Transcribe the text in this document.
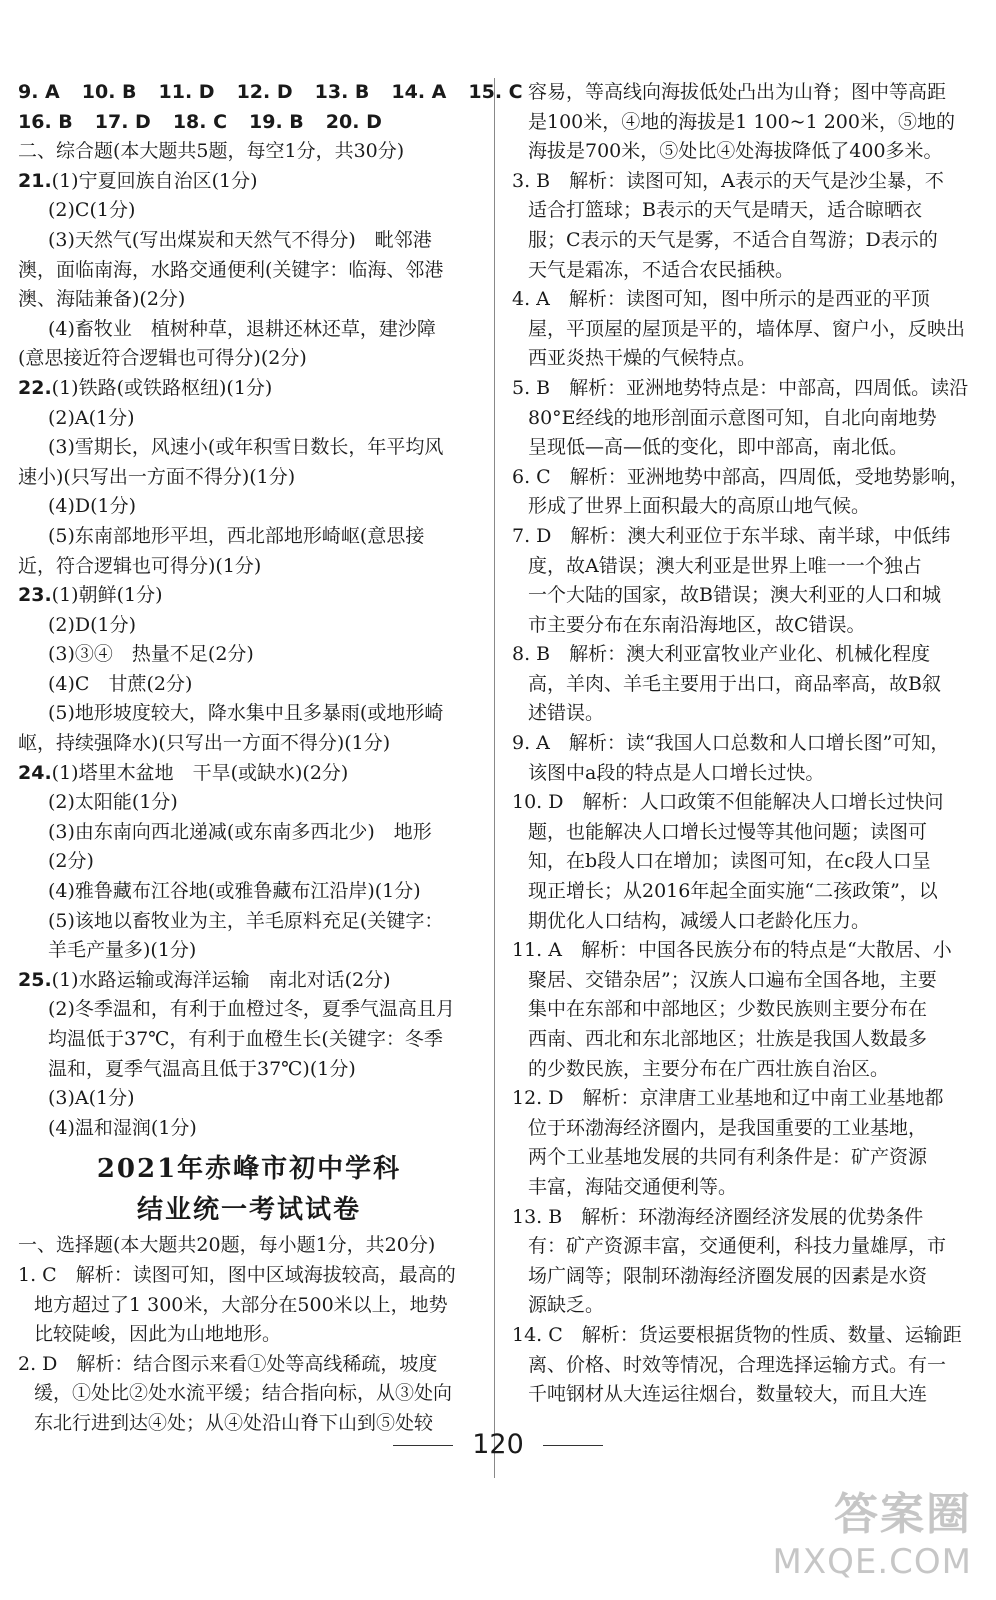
9. A 10. B 11. D 12. D 13. B 14. A 15. C
16. B 17. D 18. C 19. B 20. D
二、综合题(本大题共5题，每空1分，共30分)
21.(1)宁夏回族自治区(1分)
(2)C(1分)
(3)天然气(写出煤炭和天然气不得分)　毗邻港
澳，面临南海，水路交通便利(关键字：临海、邻港
澳、海陆兼备)(2分)
(4)畜牧业　植树种草，退耕还林还草，建沙障
(意思接近符合逻辑也可得分)(2分)
22.(1)铁路(或铁路枢纽)(1分)
(2)A(1分)
(3)雪期长，风速小(或年积雪日数长，年平均风
速小)(只写出一方面不得分)(1分)
(4)D(1分)
(5)东南部地形平坦，西北部地形崎岖(意思接
近，符合逻辑也可得分)(1分)
23.(1)朝鲜(1分)
(2)D(1分)
(3)③④　热量不足(2分)
(4)C　甘蔗(2分)
(5)地形坡度较大，降水集中且多暴雨(或地形崎
岖，持续强降水)(只写出一方面不得分)(1分)
24.(1)塔里木盆地　干旱(或缺水)(2分)
(2)太阳能(1分)
(3)由东南向西北递减(或东南多西北少)　地形
(2分)
(4)雅鲁藏布江谷地(或雅鲁藏布江沿岸)(1分)
(5)该地以畜牧业为主，羊毛原料充足(关键字：
羊毛产量多)(1分)
25.(1)水路运输或海洋运输　南北对话(2分)
(2)冬季温和，有利于血橙过冬，夏季气温高且月
均温低于37℃，有利于血橙生长(关键字：冬季
温和，夏季气温高且低于37℃)(1分)
(3)A(1分)
(4)温和湿润(1分)
2021年赤峰市初中学科
结业统一考试试卷
一、选择题(本大题共20题，每小题1分，共20分)
1. C　解析：读图可知，图中区域海拔较高，最高的
地方超过了1 300米，大部分在500米以上，地势
比较陡峻，因此为山地地形。
2. D　解析：结合图示来看①处等高线稀疏，坡度
缓，①处比②处水流平缓；结合指向标，从③处向
东北行进到达④处；从④处沿山脊下山到⑤处较
容易，等高线向海拔低处凸出为山脊；图中等高距
是100米，④地的海拔是1 100~1 200米，⑤地的
海拔是700米，⑤处比④处海拔降低了400多米。
3. B　解析：读图可知，A表示的天气是沙尘暴，不
适合打篮球；B表示的天气是晴天，适合晾晒衣
服；C表示的天气是雾，不适合自驾游；D表示的
天气是霜冻，不适合农民插秧。
4. A　解析：读图可知，图中所示的是西亚的平顶
屋，平顶屋的屋顶是平的，墙体厚、窗户小，反映出
西亚炎热干燥的气候特点。
5. B　解析：亚洲地势特点是：中部高，四周低。读沿
80°E经线的地形剖面示意图可知，自北向南地势
呈现低—高—低的变化，即中部高，南北低。
6. C　解析：亚洲地势中部高，四周低，受地势影响，
形成了世界上面积最大的高原山地气候。
7. D　解析：澳大利亚位于东半球、南半球，中低纬
度，故A错误；澳大利亚是世界上唯一一个独占
一个大陆的国家，故B错误；澳大利亚的人口和城
市主要分布在东南沿海地区，故C错误。
8. B　解析：澳大利亚富牧业产业化、机械化程度
高，羊肉、羊毛主要用于出口，商品率高，故B叙
述错误。
9. A　解析：读“我国人口总数和人口增长图”可知，
该图中a段的特点是人口增长过快。
10. D　解析：人口政策不但能解决人口增长过快问
题，也能解决人口增长过慢等其他问题；读图可
知，在b段人口在增加；读图可知，在c段人口呈
现正增长；从2016年起全面实施“二孩政策”，以
期优化人口结构，减缓人口老龄化压力。
11. A　解析：中国各民族分布的特点是“大散居、小
聚居、交错杂居”；汉族人口遍布全国各地，主要
集中在东部和中部地区；少数民族则主要分布在
西南、西北和东北部地区；壮族是我国人数最多
的少数民族，主要分布在广西壮族自治区。
12. D　解析：京津唐工业基地和辽中南工业基地都
位于环渤海经济圈内，是我国重要的工业基地，
两个工业基地发展的共同有利条件是：矿产资源
丰富，海陆交通便利等。
13. B　解析：环渤海经济圈经济发展的优势条件
有：矿产资源丰富，交通便利，科技力量雄厚，市
场广阔等；限制环渤海经济圈发展的因素是水资
源缺乏。
14. C　解析：货运要根据货物的性质、数量、运输距
离、价格、时效等情况，合理选择运输方式。有一
千吨钢材从大连运往烟台，数量较大，而且大连
120
答案圈
MXQE.COM
